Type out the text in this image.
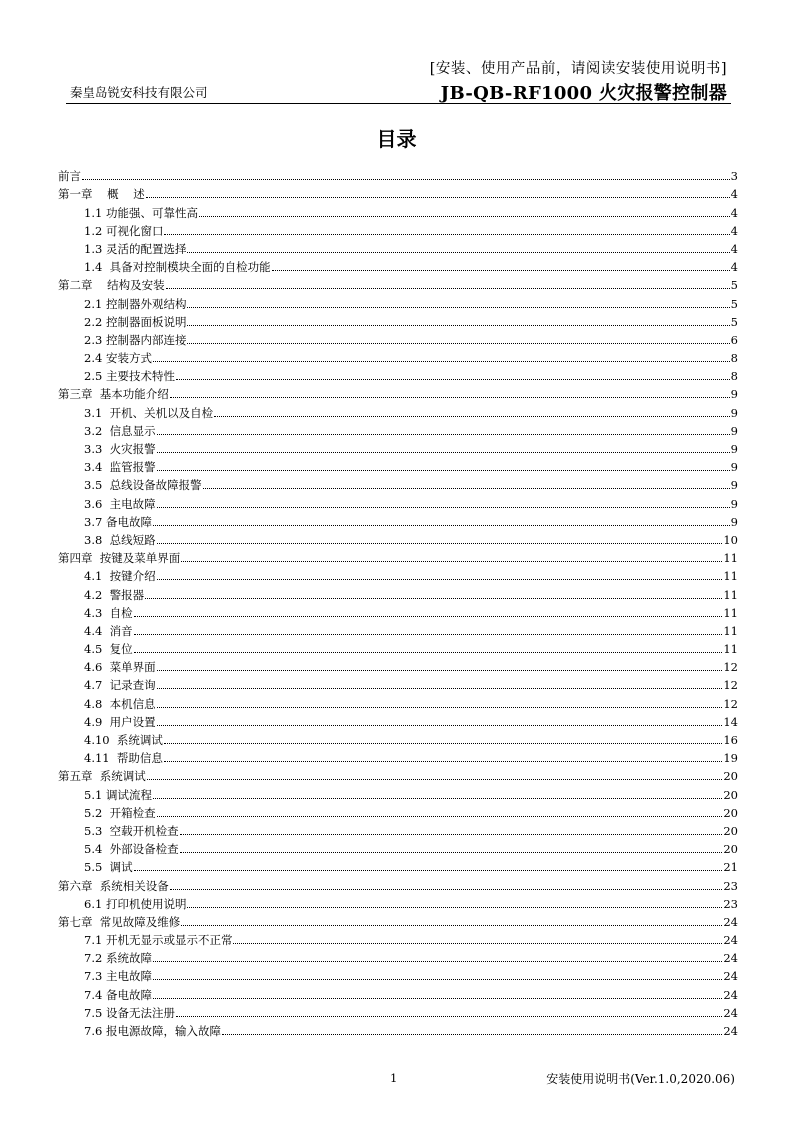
[安装、使用产品前，请阅读安装使用说明书]
秦皇岛锐安科技有限公司	JB-QB-RF1000 火灾报警控制器
目录
前言	3
第一章    概    述	4
1.1 功能强、可靠性高	4
1.2 可视化窗口	4
1.3 灵活的配置选择	4
1.4  具备对控制模块全面的自检功能	4
第二章    结构及安装	5
2.1 控制器外观结构	5
2.2 控制器面板说明	5
2.3 控制器内部连接	6
2.4 安装方式	8
2.5 主要技术特性	8
第三章  基本功能介绍	9
3.1  开机、关机以及自检	9
3.2  信息显示	9
3.3  火灾报警	9
3.4  监管报警	9
3.5  总线设备故障报警	9
3.6  主电故障	9
3.7 备电故障	9
3.8  总线短路	10
第四章  按键及菜单界面	11
4.1  按键介绍	11
4.2  警报器	11
4.3  自检	11
4.4  消音	11
4.5  复位	11
4.6  菜单界面	12
4.7  记录查询	12
4.8  本机信息	12
4.9  用户设置	14
4.10  系统调试	16
4.11  帮助信息	19
第五章  系统调试	20
5.1 调试流程	20
5.2  开箱检查	20
5.3  空载开机检查	20
5.4  外部设备检查	20
5.5  调试	21
第六章  系统相关设备	23
6.1 打印机使用说明	23
第七章  常见故障及维修	24
7.1 开机无显示或显示不正常	24
7.2 系统故障	24
7.3 主电故障	24
7.4 备电故障	24
7.5 设备无法注册	24
7.6 报电源故障，输入故障	24
1	安装使用说明书(Ver.1.0,2020.06)
